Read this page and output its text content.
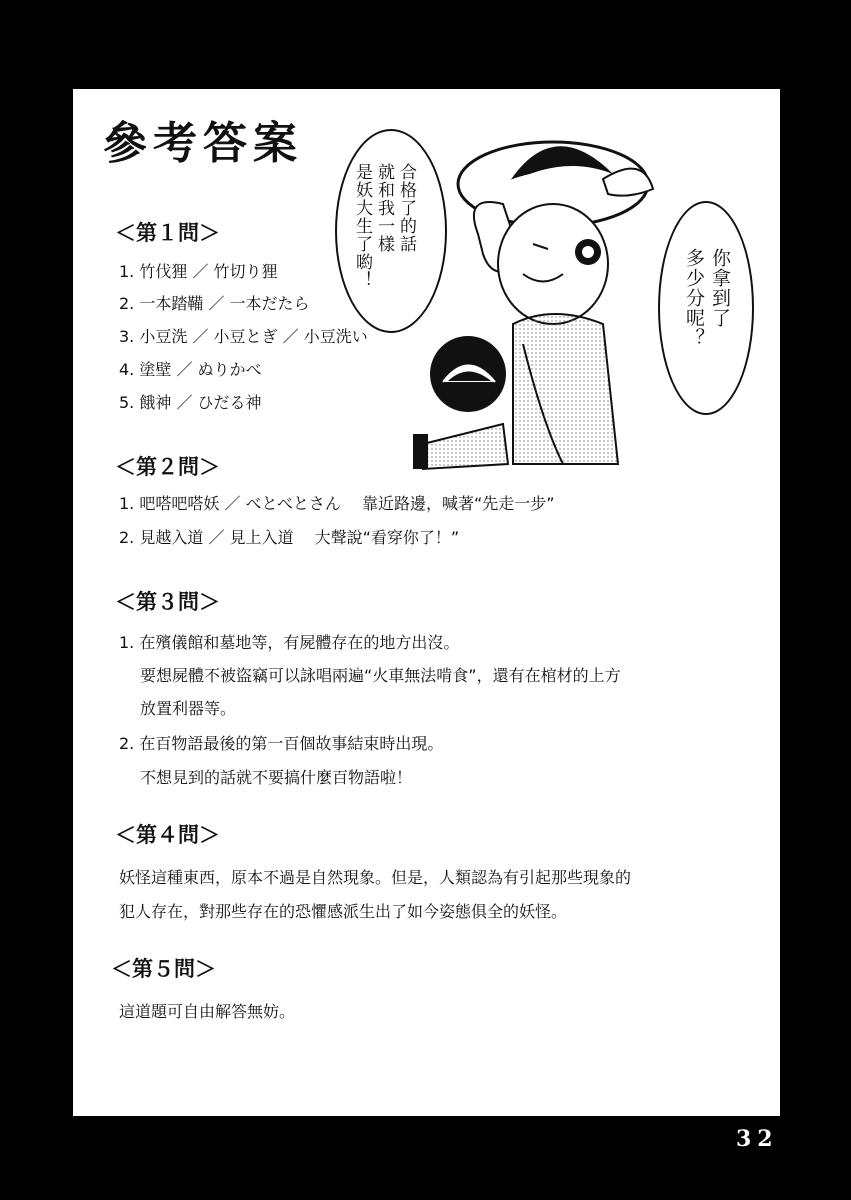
參考答案
合格了的話
就和我一樣
是妖大生了喲！	你拿到了
多少分呢？
＜第１問＞
1. 竹伐狸 ／ 竹切り狸
2. 一本踏鞴 ／ 一本だたら
3. 小豆洗 ／ 小豆とぎ ／ 小豆洗い
4. 塗壁 ／ ぬりかべ
5. 餓神 ／ ひだる神
＜第２問＞
1. 吧嗒吧嗒妖 ／ べとべとさん　 靠近路邊，喊著“先走一步”
2. 見越入道 ／ 見上入道　 大聲說“看穿你了！”
＜第３問＞
1. 在殯儀館和墓地等，有屍體存在的地方出沒。
要想屍體不被盜竊可以詠唱兩遍“火車無法啃食”，還有在棺材的上方
放置利器等。
2. 在百物語最後的第一百個故事結束時出現。
不想見到的話就不要搞什麼百物語啦！
＜第４問＞
妖怪這種東西，原本不過是自然現象。但是，人類認為有引起那些現象的
犯人存在，對那些存在的恐懼感派生出了如今姿態俱全的妖怪。
＜第５問＞
這道題可自由解答無妨。
32
